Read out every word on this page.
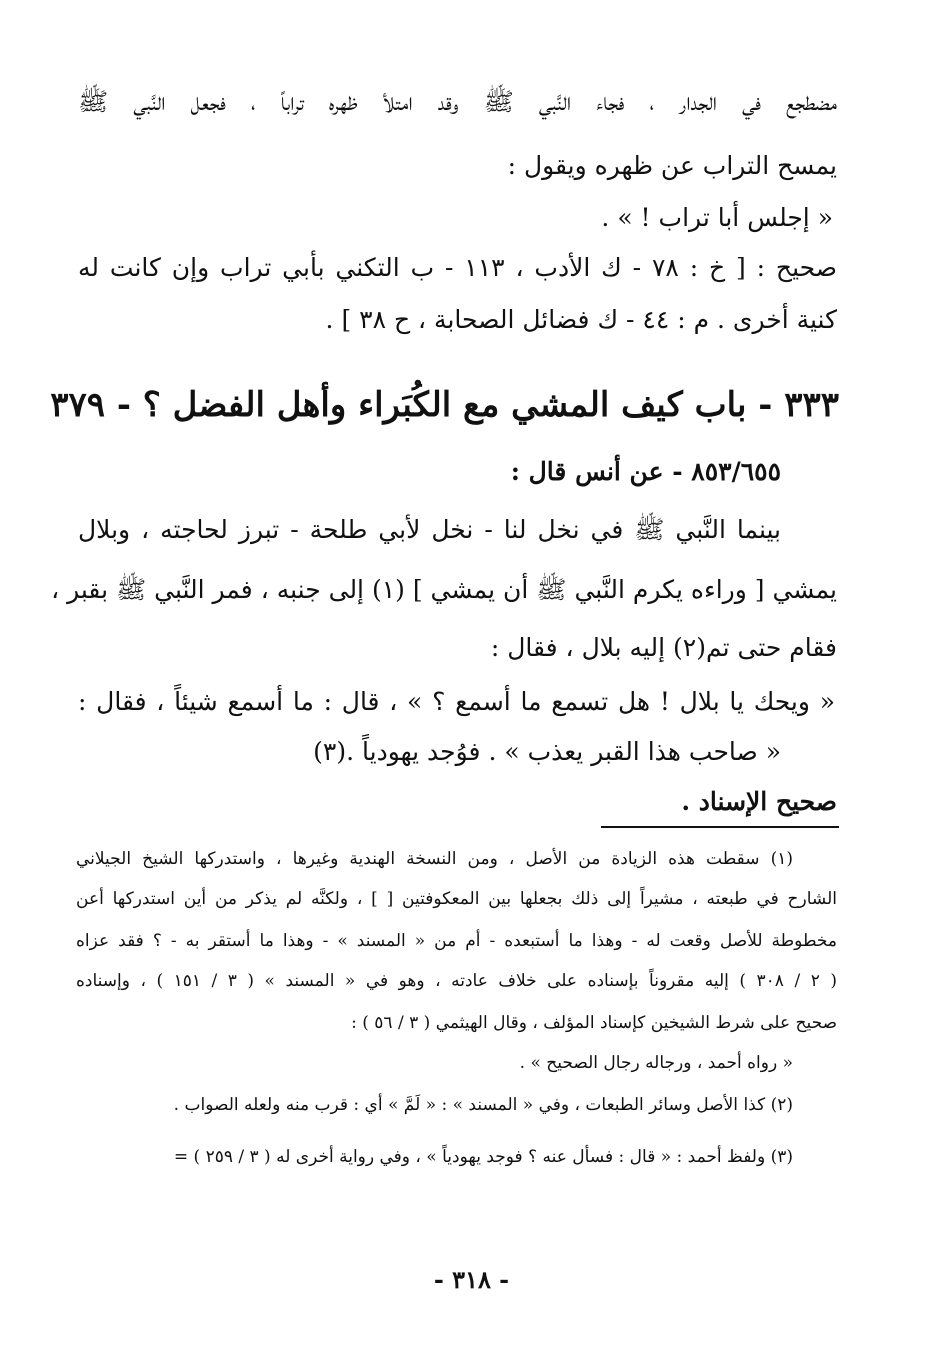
مضطجع في الجدار ، فجاء النَّبي ﷺ وقد امتلأ ظهره تراباً ، فجعل النَّبي ﷺ
يمسح التراب عن ظهره ويقول :
« إجلس أبا تراب ! » .
صحيح : [ خ : ٧٨ - ك الأدب ، ١١٣ - ب التكني بأبي تراب وإن كانت له
كنية أخرى . م : ٤٤ - ك فضائل الصحابة ، ح ٣٨ ] .
٣٣٣ - باب كيف المشي مع الكُبَراء وأهل الفضل ؟ - ٣٧٩
٨٥٣/٦٥٥ - عن أنس قال :
بينما النَّبي ﷺ في نخل لنا - نخل لأبي طلحة - تبرز لحاجته ، وبلال
يمشي [ وراءه يكرم النَّبي ﷺ أن يمشي ] (١) إلى جنبه ، فمر النَّبي ﷺ بقبر ،
فقام حتى تم(٢) إليه بلال ، فقال :
« ويحك يا بلال ! هل تسمع ما أسمع ؟ » ، قال : ما أسمع شيئاً ، فقال :
« صاحب هذا القبر يعذب » . فوُجد يهودياً .(٣)
صحيح الإسناد .
(١) سقطت هذه الزيادة من الأصل ، ومن النسخة الهندية وغيرها ، واستدركها الشيخ الجيلاني
الشارح في طبعته ، مشيراً إلى ذلك بجعلها بين المعكوفتين [ ] ، ولكنَّه لم يذكر من أين استدركها أعن
مخطوطة للأصل وقعت له - وهذا ما أستبعده - أم من « المسند » - وهذا ما أستقر به - ؟ فقد عزاه
( ٢ / ٣٠٨ ) إليه مقروناً بإسناده على خلاف عادته ، وهو في « المسند » ( ٣ / ١٥١ ) ، وإسناده
صحيح على شرط الشيخين كإسناد المؤلف ، وقال الهيثمي ( ٣ / ٥٦ ) :
« رواه أحمد ، ورجاله رجال الصحيح » .
(٢) كذا الأصل وسائر الطبعات ، وفي « المسند » : « لَمَّ » أي : قرب منه ولعله الصواب .
(٣) ولفظ أحمد : « قال : فسأل عنه ؟ فوجد يهودياً » ، وفي رواية أخرى له ( ٣ / ٢٥٩ ) =
- ٣١٨ -
